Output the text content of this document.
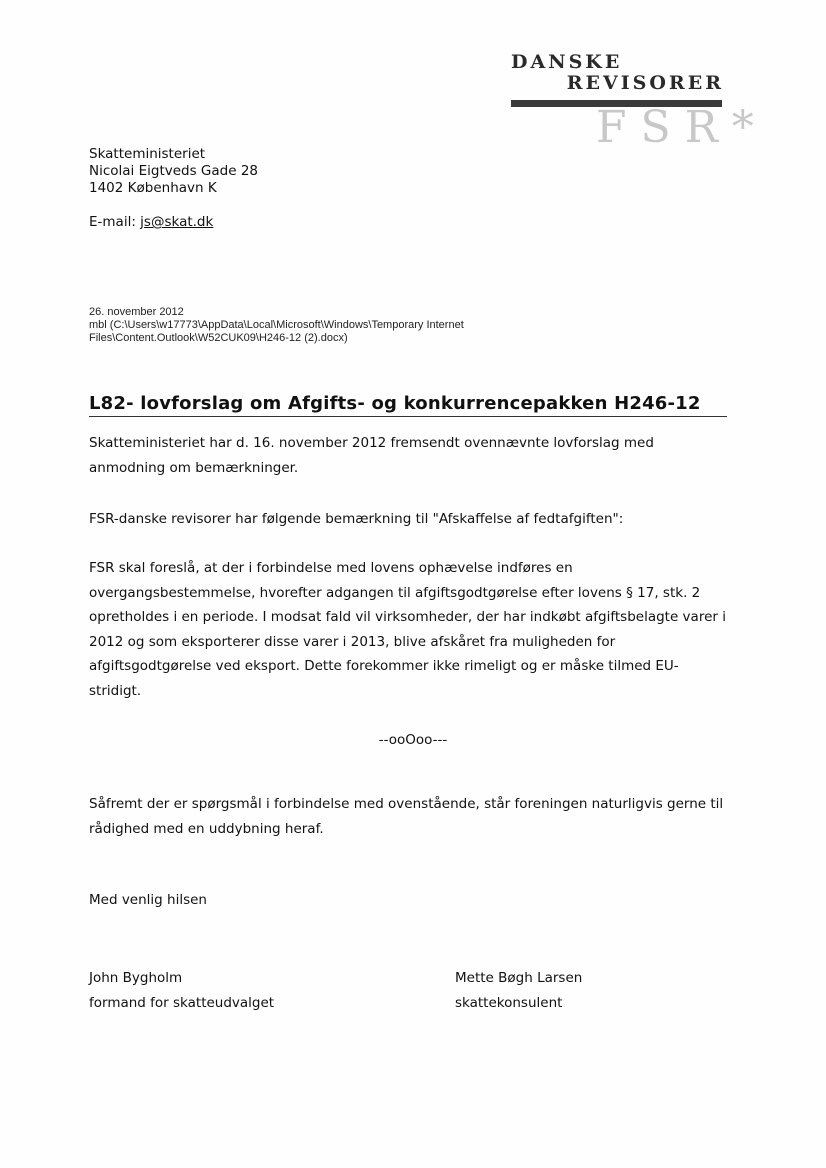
DANSKE
REVISORER
FSR*
Skatteministeriet
Nicolai Eigtveds Gade 28
1402 København K
E-mail: js@skat.dk
26. november 2012
mbl (C:\Users\w17773\AppData\Local\Microsoft\Windows\Temporary Internet
Files\Content.Outlook\W52CUK09\H246-12 (2).docx)
L82- lovforslag om Afgifts- og konkurrencepakken H246-12
Skatteministeriet har d. 16. november 2012 fremsendt ovennævnte lovforslag med anmodning om bemærkninger.
FSR-danske revisorer har følgende bemærkning til "Afskaffelse af fedtafgiften":
FSR skal foreslå, at der i forbindelse med lovens ophævelse indføres en overgangsbestemmelse, hvorefter adgangen til afgiftsgodtgørelse efter lovens § 17, stk. 2 opretholdes i en periode. I modsat fald vil virksomheder, der har indkøbt afgiftsbelagte varer i 2012 og som eksporterer disse varer i 2013, blive afskåret fra muligheden for afgiftsgodtgørelse ved eksport. Dette forekommer ikke rimeligt og er måske tilmed EU-stridigt.
--ooOoo---
Såfremt der er spørgsmål i forbindelse med ovenstående, står foreningen naturligvis gerne til rådighed med en uddybning heraf.
Med venlig hilsen
John Bygholm
formand for skatteudvalget
Mette Bøgh Larsen
skattekonsulent
